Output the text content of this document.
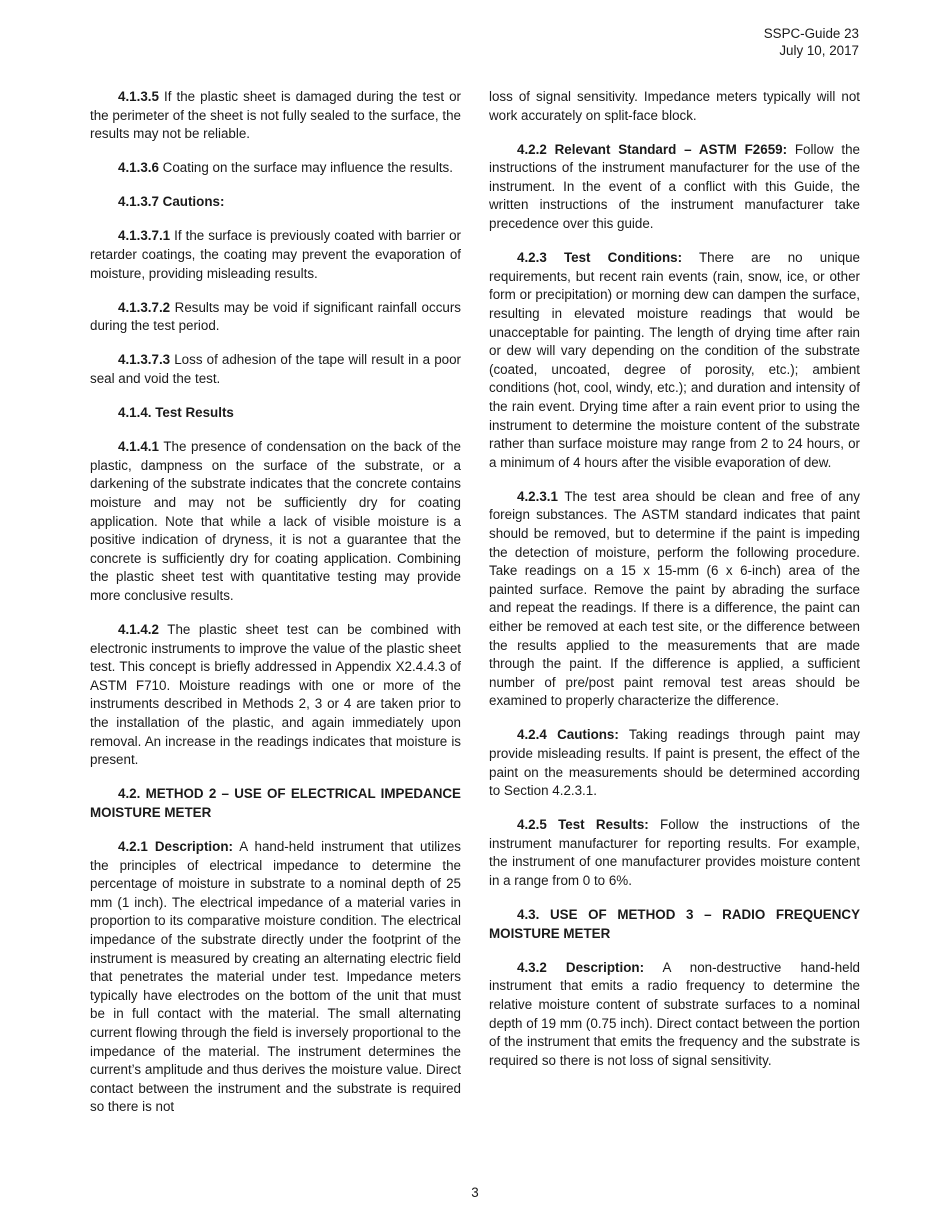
SSPC-Guide 23
July 10, 2017

4.1.3.5 If the plastic sheet is damaged during the test or the perimeter of the sheet is not fully sealed to the surface, the results may not be reliable.

4.1.3.6 Coating on the surface may influence the results.

4.1.3.7 Cautions:

4.1.3.7.1 If the surface is previously coated with barrier or retarder coatings, the coating may prevent the evaporation of moisture, providing misleading results.

4.1.3.7.2 Results may be void if significant rainfall occurs during the test period.

4.1.3.7.3 Loss of adhesion of the tape will result in a poor seal and void the test.

4.1.4. Test Results

4.1.4.1 The presence of condensation on the back of the plastic, dampness on the surface of the substrate, or a darkening of the substrate indicates that the concrete contains moisture and may not be sufficiently dry for coating application. Note that while a lack of visible moisture is a positive indication of dryness, it is not a guarantee that the concrete is sufficiently dry for coating application. Combining the plastic sheet test with quantitative testing may provide more conclusive results.

4.1.4.2 The plastic sheet test can be combined with electronic instruments to improve the value of the plastic sheet test. This concept is briefly addressed in Appendix X2.4.4.3 of ASTM F710. Moisture readings with one or more of the instruments described in Methods 2, 3 or 4 are taken prior to the installation of the plastic, and again immediately upon removal. An increase in the readings indicates that moisture is present.

4.2. METHOD 2 – USE OF ELECTRICAL IMPEDANCE MOISTURE METER

4.2.1 Description: A hand-held instrument that utilizes the principles of electrical impedance to determine the percentage of moisture in substrate to a nominal depth of 25 mm (1 inch). The electrical impedance of a material varies in proportion to its comparative moisture condition. The electrical impedance of the substrate directly under the footprint of the instrument is measured by creating an alternating electric field that penetrates the material under test. Impedance meters typically have electrodes on the bottom of the unit that must be in full contact with the material. The small alternating current flowing through the field is inversely proportional to the impedance of the material. The instrument determines the current’s amplitude and thus derives the moisture value. Direct contact between the instrument and the substrate is required so there is not

loss of signal sensitivity. Impedance meters typically will not work accurately on split-face block.

4.2.2 Relevant Standard – ASTM F2659: Follow the instructions of the instrument manufacturer for the use of the instrument. In the event of a conflict with this Guide, the written instructions of the instrument manufacturer take precedence over this guide.

4.2.3 Test Conditions: There are no unique requirements, but recent rain events (rain, snow, ice, or other form or precipitation) or morning dew can dampen the surface, resulting in elevated moisture readings that would be unacceptable for painting. The length of drying time after rain or dew will vary depending on the condition of the substrate (coated, uncoated, degree of porosity, etc.); ambient conditions (hot, cool, windy, etc.); and duration and intensity of the rain event. Drying time after a rain event prior to using the instrument to determine the moisture content of the substrate rather than surface moisture may range from 2 to 24 hours, or a minimum of 4 hours after the visible evaporation of dew.

4.2.3.1 The test area should be clean and free of any foreign substances. The ASTM standard indicates that paint should be removed, but to determine if the paint is impeding the detection of moisture, perform the following procedure. Take readings on a 15 x 15-mm (6 x 6-inch) area of the painted surface. Remove the paint by abrading the surface and repeat the readings. If there is a difference, the paint can either be removed at each test site, or the difference between the results applied to the measurements that are made through the paint. If the difference is applied, a sufficient number of pre/post paint removal test areas should be examined to properly characterize the difference.

4.2.4 Cautions: Taking readings through paint may provide misleading results. If paint is present, the effect of the paint on the measurements should be determined according to Section 4.2.3.1.

4.2.5 Test Results: Follow the instructions of the instrument manufacturer for reporting results. For example, the instrument of one manufacturer provides moisture content in a range from 0 to 6%.

4.3. USE OF METHOD 3 – RADIO FREQUENCY MOISTURE METER

4.3.2 Description: A non-destructive hand-held instrument that emits a radio frequency to determine the relative moisture content of substrate surfaces to a nominal depth of 19 mm (0.75 inch). Direct contact between the portion of the instrument that emits the frequency and the substrate is required so there is not loss of signal sensitivity.

3
